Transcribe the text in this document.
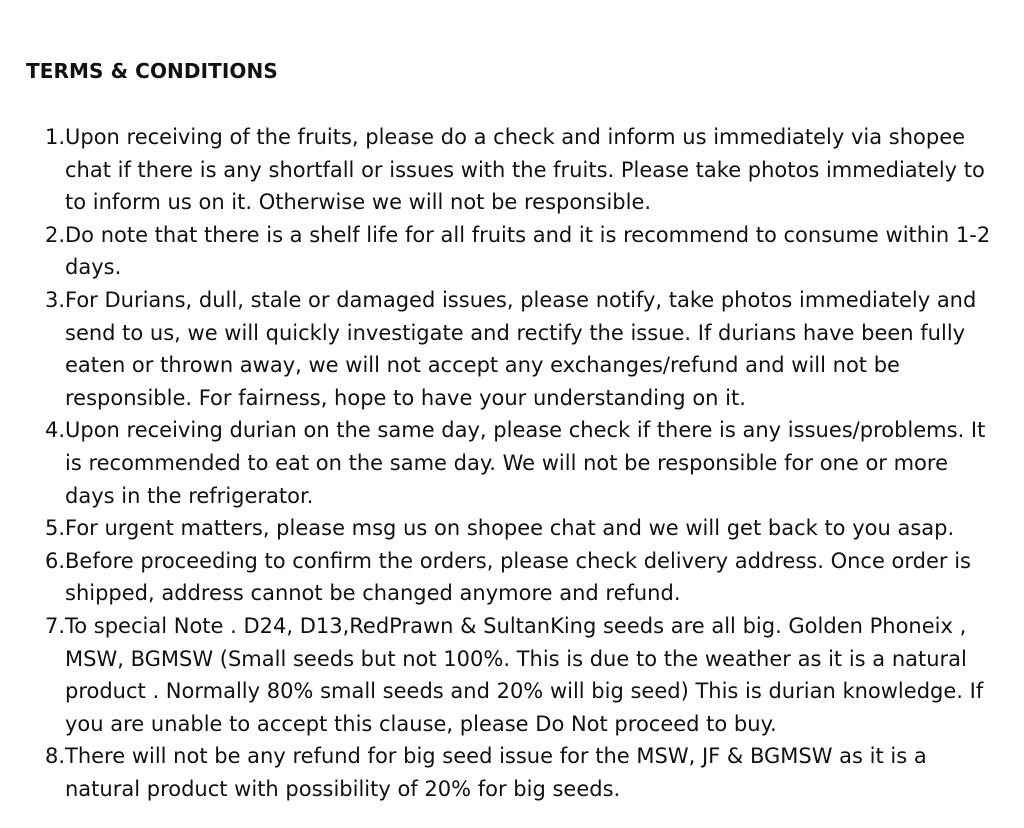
TERMS & CONDITIONS
1. Upon receiving of the fruits, please do a check and inform us immediately via shopee chat if there is any shortfall or issues with the fruits. Please take photos immediately to to inform us on it. Otherwise we will not be responsible.
2. Do note that there is a shelf life for all fruits and it is recommend to consume within 1-2 days.
3. For Durians, dull, stale or damaged issues, please notify, take photos immediately and send to us, we will quickly investigate and rectify the issue. If durians have been fully eaten or thrown away, we will not accept any exchanges/refund and will not be responsible. For fairness, hope to have your understanding on it.
4. Upon receiving durian on the same day, please check if there is any issues/problems. It is recommended to eat on the same day. We will not be responsible for one or more days in the refrigerator.
5. For urgent matters, please msg us on shopee chat and we will get back to you asap.
6. Before proceeding to confirm the orders, please check delivery address. Once order is shipped, address cannot be changed anymore and refund.
7. To special Note . D24, D13,RedPrawn & SultanKing seeds are all big. Golden Phoneix , MSW, BGMSW (Small seeds but not 100%. This is due to the weather as it is a natural product . Normally 80% small seeds and 20% will big seed) This is durian knowledge. If you are unable to accept this clause, please Do Not proceed to buy.
8. There will not be any refund for big seed issue for the MSW, JF & BGMSW as it is a natural product with possibility of 20% for big seeds.
